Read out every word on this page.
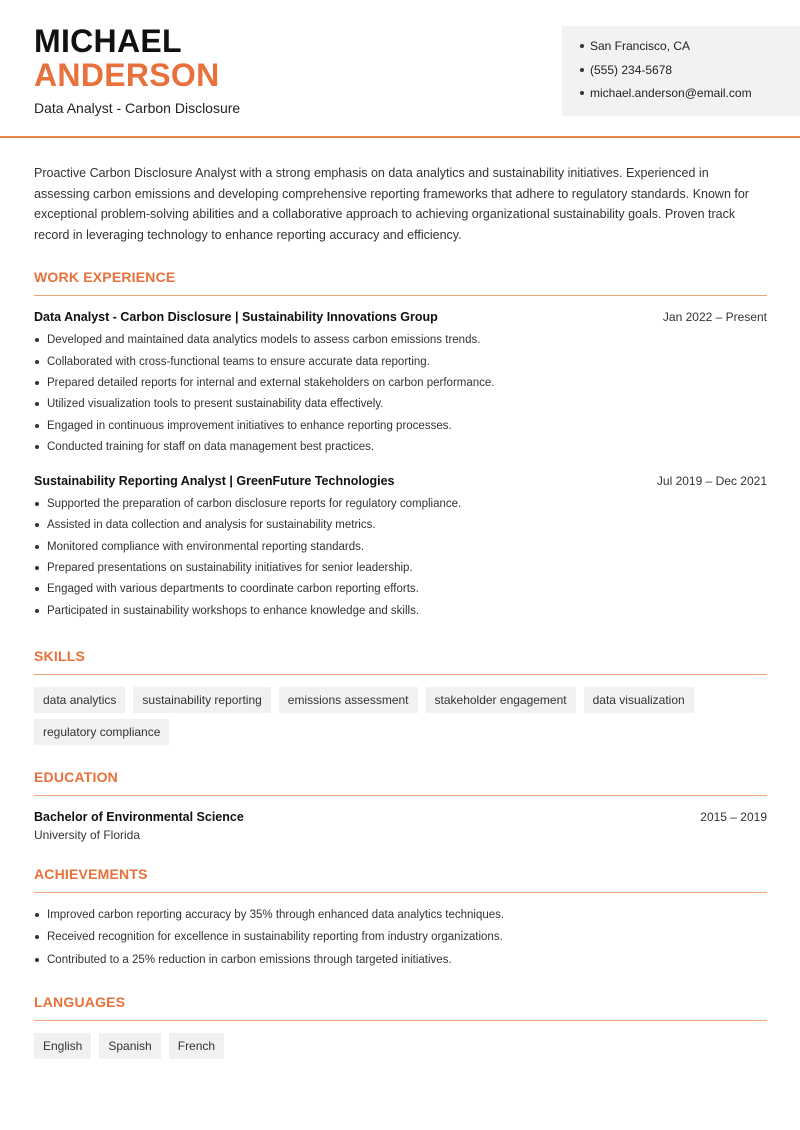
MICHAEL
ANDERSON
Data Analyst - Carbon Disclosure
San Francisco, CA
(555) 234-5678
michael.anderson@email.com

Proactive Carbon Disclosure Analyst with a strong emphasis on data analytics and sustainability initiatives. Experienced in assessing carbon emissions and developing comprehensive reporting frameworks that adhere to regulatory standards. Known for exceptional problem-solving abilities and a collaborative approach to achieving organizational sustainability goals. Proven track record in leveraging technology to enhance reporting accuracy and efficiency.

WORK EXPERIENCE
Data Analyst - Carbon Disclosure | Sustainability Innovations Group	Jan 2022 – Present
Developed and maintained data analytics models to assess carbon emissions trends.
Collaborated with cross-functional teams to ensure accurate data reporting.
Prepared detailed reports for internal and external stakeholders on carbon performance.
Utilized visualization tools to present sustainability data effectively.
Engaged in continuous improvement initiatives to enhance reporting processes.
Conducted training for staff on data management best practices.
Sustainability Reporting Analyst | GreenFuture Technologies	Jul 2019 – Dec 2021
Supported the preparation of carbon disclosure reports for regulatory compliance.
Assisted in data collection and analysis for sustainability metrics.
Monitored compliance with environmental reporting standards.
Prepared presentations on sustainability initiatives for senior leadership.
Engaged with various departments to coordinate carbon reporting efforts.
Participated in sustainability workshops to enhance knowledge and skills.
SKILLS
data analytics	sustainability reporting	emissions assessment	stakeholder engagement	data visualization
regulatory compliance
EDUCATION
Bachelor of Environmental Science	2015 – 2019
University of Florida
ACHIEVEMENTS
Improved carbon reporting accuracy by 35% through enhanced data analytics techniques.
Received recognition for excellence in sustainability reporting from industry organizations.
Contributed to a 25% reduction in carbon emissions through targeted initiatives.
LANGUAGES
English	Spanish	French
